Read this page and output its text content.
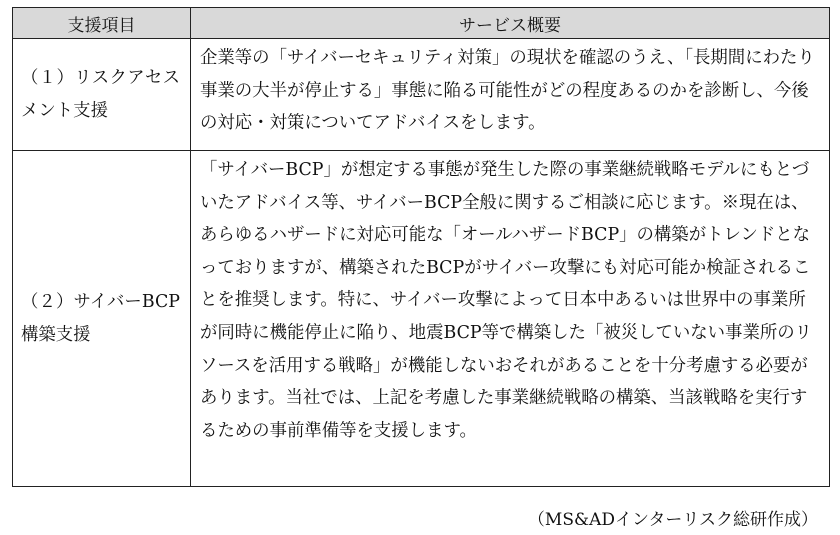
支援項目	サービス概要
（１）リスクアセスメント支援	企業等の「サイバーセキュリティ対策」の現状を確認のうえ、「長期間にわたり事業の大半が停止する」事態に陥る可能性がどの程度あるのかを診断し、今後の対応・対策についてアドバイスをします。
（２）サイバーBCP構築支援	「サイバーBCP」が想定する事態が発生した際の事業継続戦略モデルにもとづいたアドバイス等、サイバーBCP全般に関するご相談に応じます。※現在は、あらゆるハザードに対応可能な「オールハザードBCP」の構築がトレンドとなっておりますが、構築されたBCPがサイバー攻撃にも対応可能か検証されることを推奨します。特に、サイバー攻撃によって日本中あるいは世界中の事業所が同時に機能停止に陥り、地震BCP等で構築した「被災していない事業所のリソースを活用する戦略」が機能しないおそれがあることを十分考慮する必要があります。当社では、上記を考慮した事業継続戦略の構築、当該戦略を実行するための事前準備等を支援します。
（MS&ADインターリスク総研作成）
